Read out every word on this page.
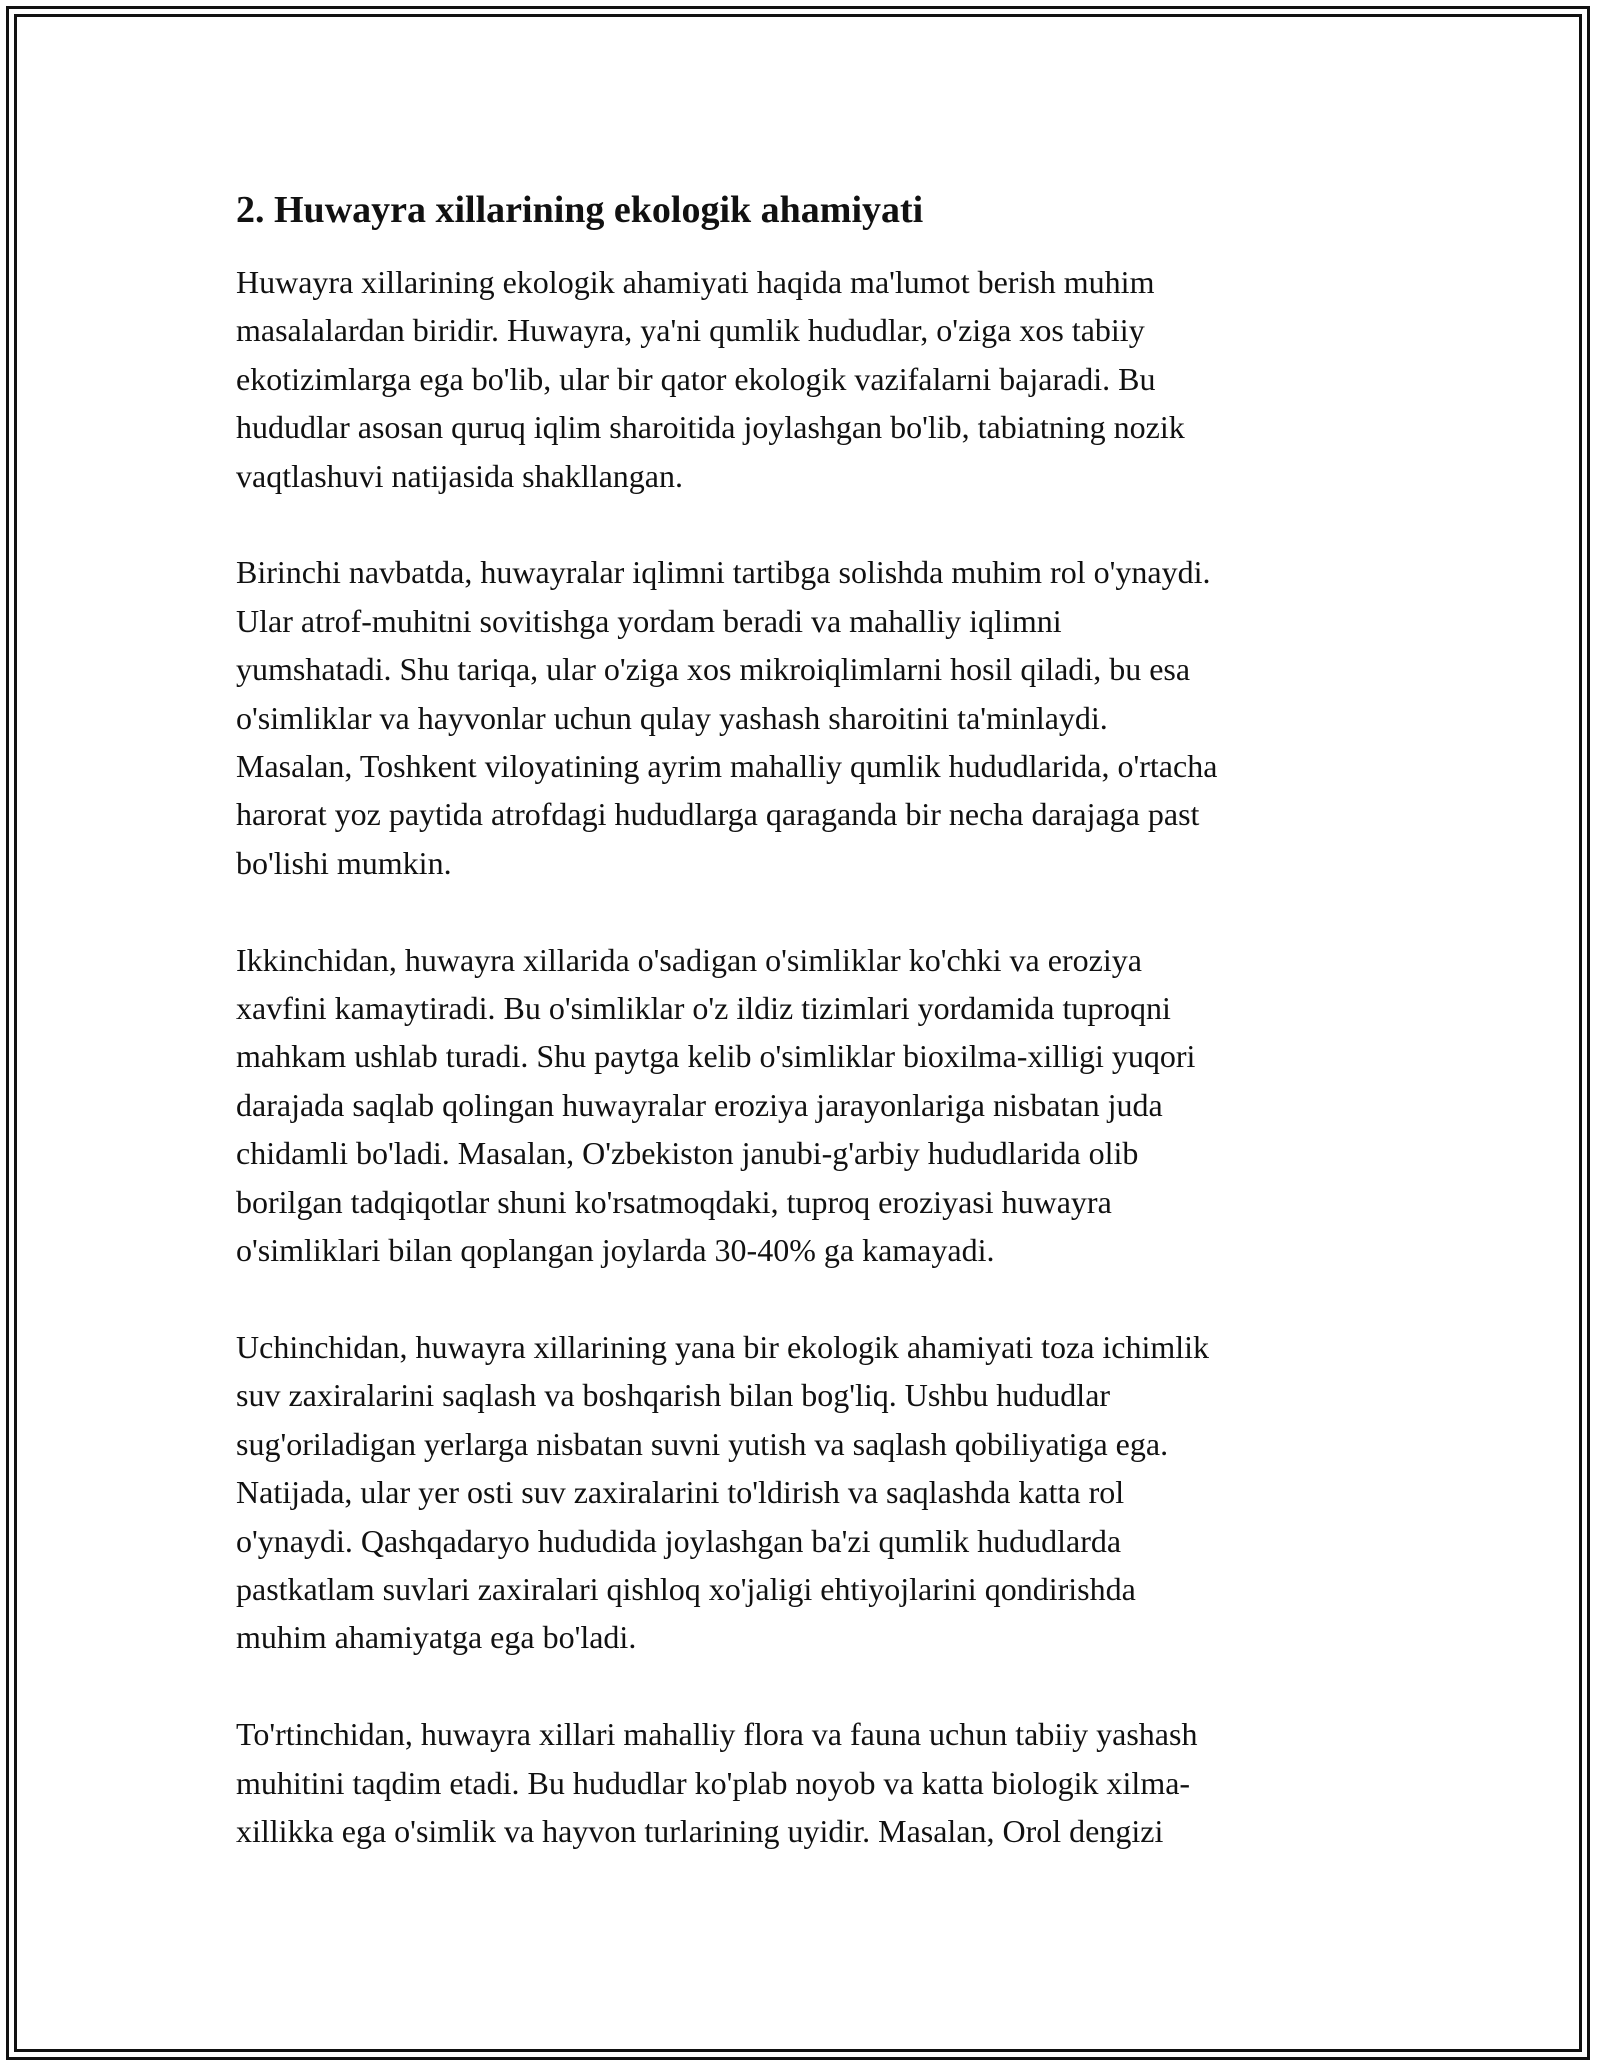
2. Huwayra xillarining ekologik ahamiyati

Huwayra xillarining ekologik ahamiyati haqida ma'lumot berish muhim
masalalardan biridir. Huwayra, ya'ni qumlik hududlar, o'ziga xos tabiiy
ekotizimlarga ega bo'lib, ular bir qator ekologik vazifalarni bajaradi. Bu
hududlar asosan quruq iqlim sharoitida joylashgan bo'lib, tabiatning nozik
vaqtlashuvi natijasida shakllangan.

Birinchi navbatda, huwayralar iqlimni tartibga solishda muhim rol o'ynaydi.
Ular atrof-muhitni sovitishga yordam beradi va mahalliy iqlimni
yumshatadi. Shu tariqa, ular o'ziga xos mikroiqlimlarni hosil qiladi, bu esa
o'simliklar va hayvonlar uchun qulay yashash sharoitini ta'minlaydi.
Masalan, Toshkent viloyatining ayrim mahalliy qumlik hududlarida, o'rtacha
harorat yoz paytida atrofdagi hududlarga qaraganda bir necha darajaga past
bo'lishi mumkin.

Ikkinchidan, huwayra xillarida o'sadigan o'simliklar ko'chki va eroziya
xavfini kamaytiradi. Bu o'simliklar o'z ildiz tizimlari yordamida tuproqni
mahkam ushlab turadi. Shu paytga kelib o'simliklar bioxilma-xilligi yuqori
darajada saqlab qolingan huwayralar eroziya jarayonlariga nisbatan juda
chidamli bo'ladi. Masalan, O'zbekiston janubi-g'arbiy hududlarida olib
borilgan tadqiqotlar shuni ko'rsatmoqdaki, tuproq eroziyasi huwayra
o'simliklari bilan qoplangan joylarda 30-40% ga kamayadi.

Uchinchidan, huwayra xillarining yana bir ekologik ahamiyati toza ichimlik
suv zaxiralarini saqlash va boshqarish bilan bog'liq. Ushbu hududlar
sug'oriladigan yerlarga nisbatan suvni yutish va saqlash qobiliyatiga ega.
Natijada, ular yer osti suv zaxiralarini to'ldirish va saqlashda katta rol
o'ynaydi. Qashqadaryo hududida joylashgan ba'zi qumlik hududlarda
pastkatlam suvlari zaxiralari qishloq xo'jaligi ehtiyojlarini qondirishda
muhim ahamiyatga ega bo'ladi.

To'rtinchidan, huwayra xillari mahalliy flora va fauna uchun tabiiy yashash
muhitini taqdim etadi. Bu hududlar ko'plab noyob va katta biologik xilma-
xillikka ega o'simlik va hayvon turlarining uyidir. Masalan, Orol dengizi
